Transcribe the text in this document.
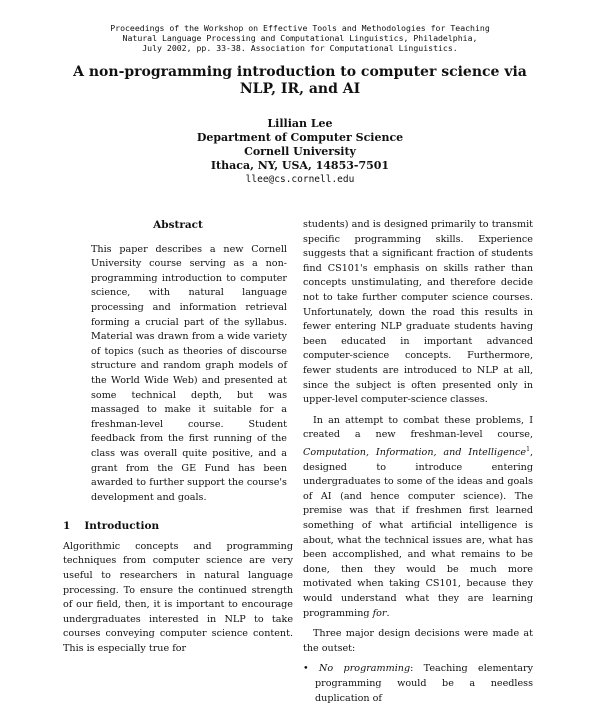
Proceedings of the Workshop on Effective Tools and Methodologies for Teaching
Natural Language Processing and Computational Linguistics, Philadelphia,
July 2002, pp. 33-38. Association for Computational Linguistics.
A non-programming introduction to computer science via
NLP, IR, and AI
Lillian Lee
Department of Computer Science
Cornell University
Ithaca, NY, USA, 14853-7501
llee@cs.cornell.edu
Abstract

This paper describes a new Cornell University course serving as a non-programming introduction to computer science, with natural language processing and information retrieval forming a crucial part of the syllabus. Material was drawn from a wide variety of topics (such as theories of discourse structure and random graph models of the World Wide Web) and presented at some technical depth, but was massaged to make it suitable for a freshman-level course. Student feedback from the first running of the class was overall quite positive, and a grant from the GE Fund has been awarded to further support the course's development and goals.

1 Introduction

Algorithmic concepts and programming techniques from computer science are very useful to researchers in natural language processing. To ensure the continued strength of our field, then, it is important to encourage undergraduates interested in NLP to take courses conveying computer science content. This is especially true for

students) and is designed primarily to transmit specific programming skills. Experience suggests that a significant fraction of students find CS101's emphasis on skills rather than concepts unstimulating, and therefore decide not to take further computer science courses. Unfortunately, down the road this results in fewer entering NLP graduate students having been educated in important advanced computer-science concepts. Furthermore, fewer students are introduced to NLP at all, since the subject is often presented only in upper-level computer-science classes.

In an attempt to combat these problems, I created a new freshman-level course, Computation, Information, and Intelligence$^1$, designed to introduce entering undergraduates to some of the ideas and goals of AI (and hence computer science). The premise was that if freshmen first learned something of what artificial intelligence is about, what the technical issues are, what has been accomplished, and what remains to be done, then they would be much more motivated when taking CS101, because they would understand what they are learning programming for.

Three major design decisions were made at the outset:

• No programming: Teaching elementary programming would be a needless duplication of
